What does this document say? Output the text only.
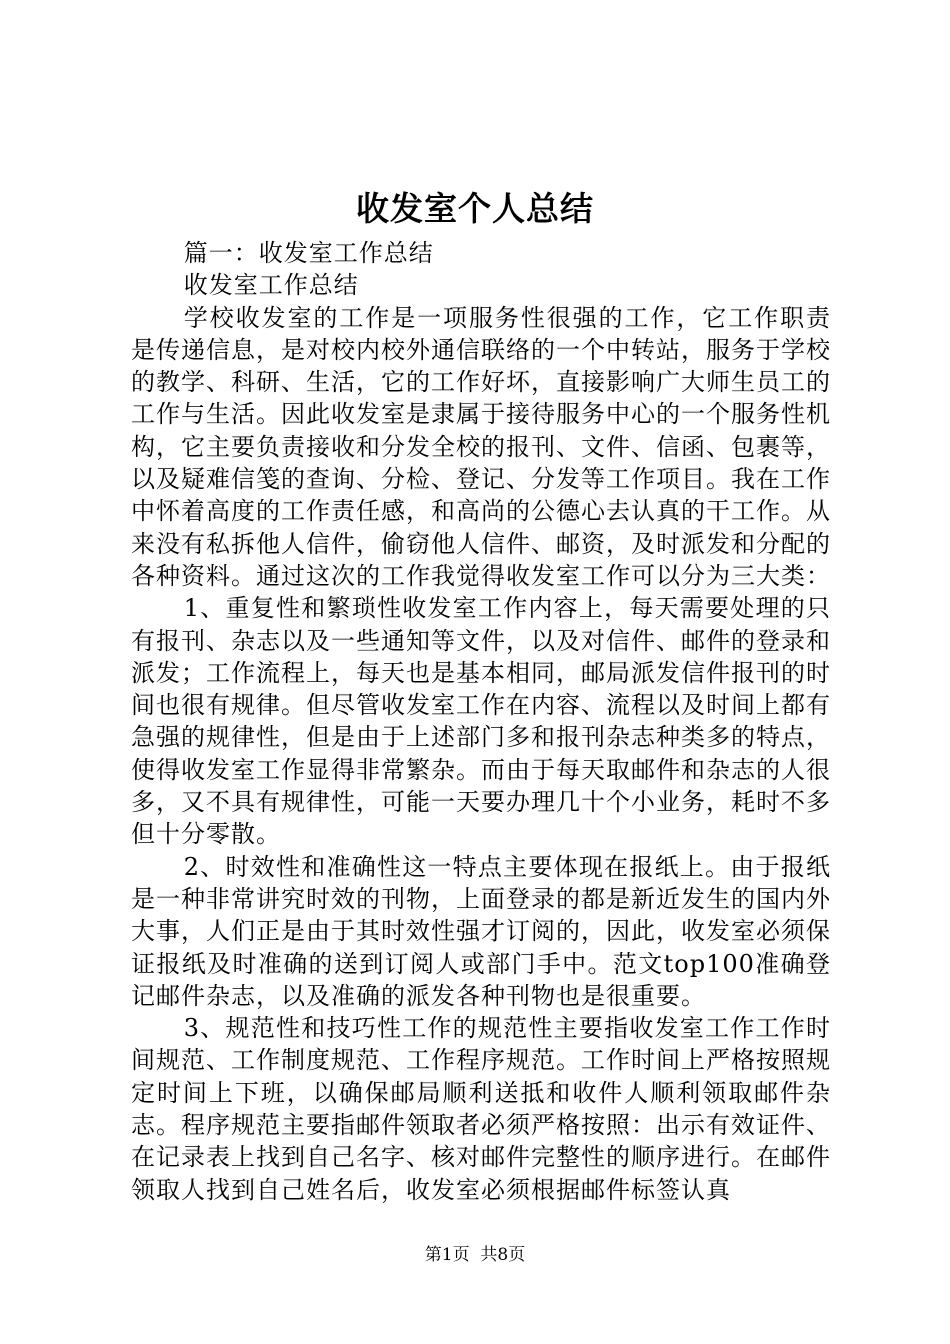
收发室个人总结

篇一：收发室工作总结

收发室工作总结

学校收发室的工作是一项服务性很强的工作，它工作职责是传递信息，是对校内校外通信联络的一个中转站，服务于学校的教学、科研、生活，它的工作好坏，直接影响广大师生员工的工作与生活。因此收发室是隶属于接待服务中心的一个服务性机构，它主要负责接收和分发全校的报刊、文件、信函、包裹等，以及疑难信笺的查询、分检、登记、分发等工作项目。我在工作中怀着高度的工作责任感，和高尚的公德心去认真的干工作。从来没有私拆他人信件，偷窃他人信件、邮资，及时派发和分配的各种资料。通过这次的工作我觉得收发室工作可以分为三大类：

1、重复性和繁琐性收发室工作内容上，每天需要处理的只有报刊、杂志以及一些通知等文件，以及对信件、邮件的登录和派发；工作流程上，每天也是基本相同，邮局派发信件报刊的时间也很有规律。但尽管收发室工作在内容、流程以及时间上都有急强的规律性，但是由于上述部门多和报刊杂志种类多的特点，使得收发室工作显得非常繁杂。而由于每天取邮件和杂志的人很多，又不具有规律性，可能一天要办理几十个小业务，耗时不多但十分零散。

2、时效性和准确性这一特点主要体现在报纸上。由于报纸是一种非常讲究时效的刊物，上面登录的都是新近发生的国内外大事，人们正是由于其时效性强才订阅的，因此，收发室必须保证报纸及时准确的送到订阅人或部门手中。范文top100准确登记邮件杂志，以及准确的派发各种刊物也是很重要。

3、规范性和技巧性工作的规范性主要指收发室工作工作时间规范、工作制度规范、工作程序规范。工作时间上严格按照规定时间上下班，以确保邮局顺利送抵和收件人顺利领取邮件杂志。程序规范主要指邮件领取者必须严格按照：出示有效证件、在记录表上找到自己名字、核对邮件完整性的顺序进行。在邮件领取人找到自己姓名后，收发室必须根据邮件标签认真

第1页 共8页
